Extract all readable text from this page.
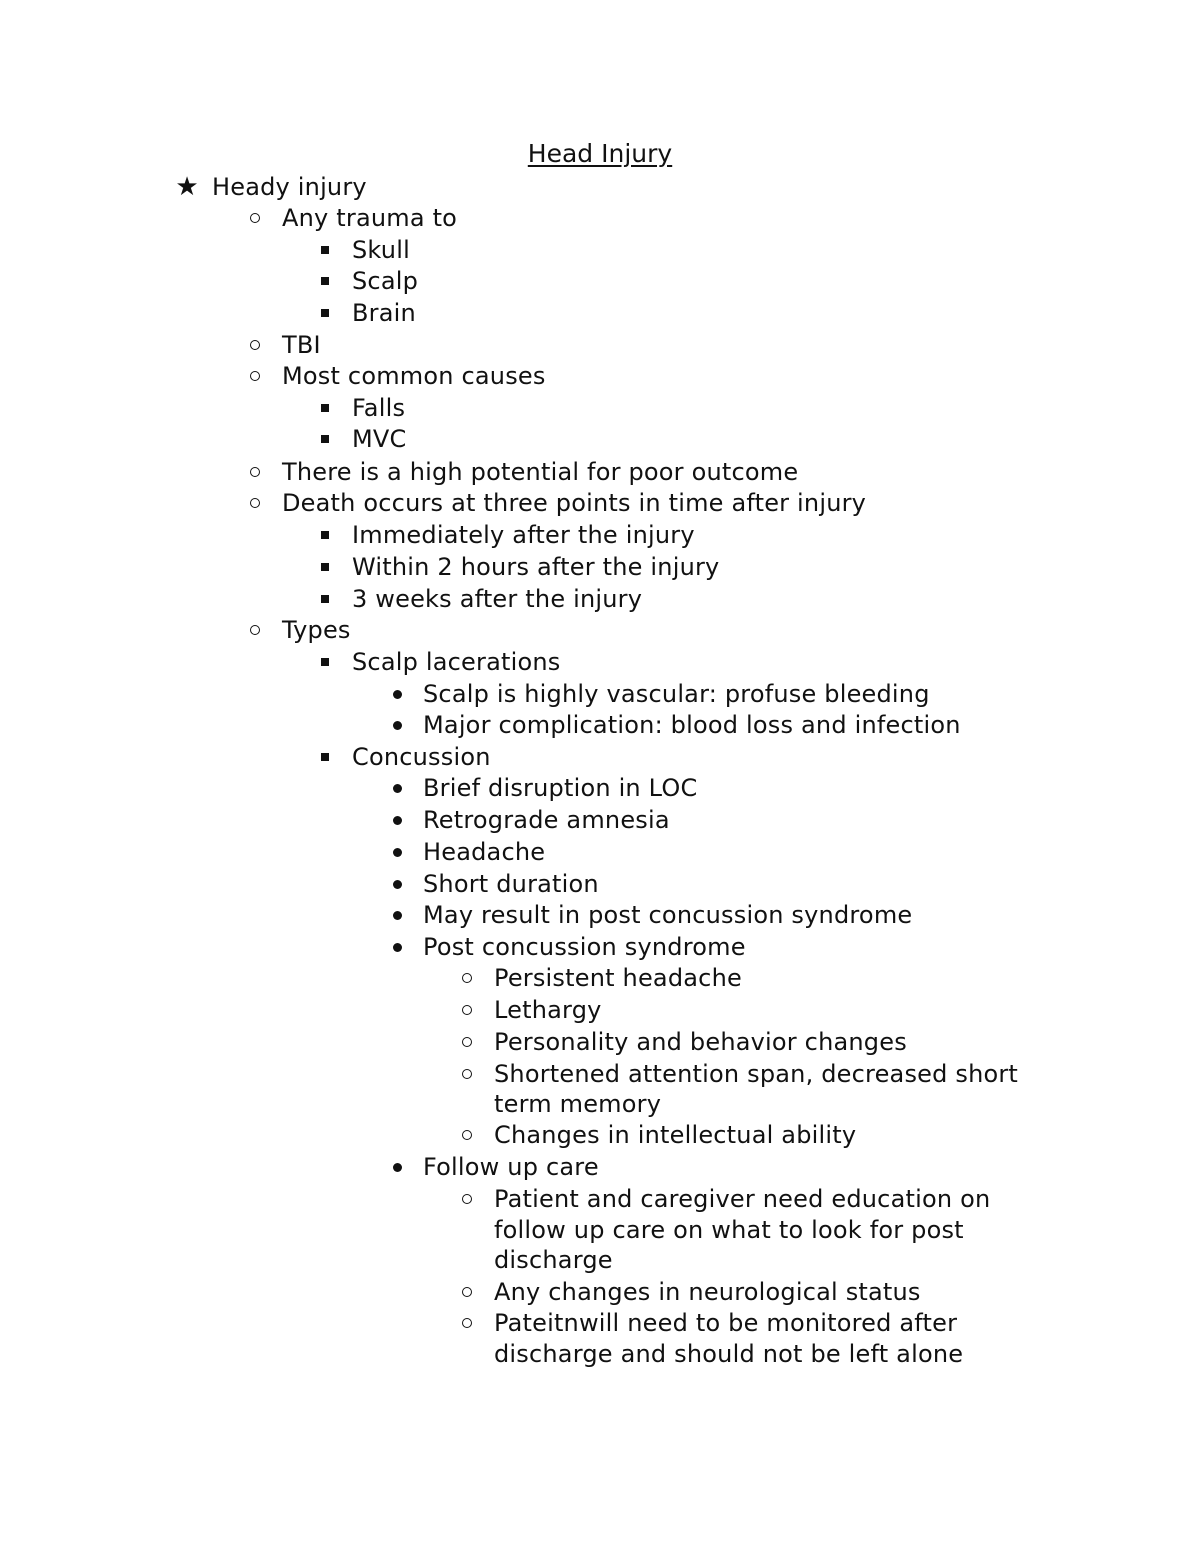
Head Injury
★ Heady injury
Any trauma to
Skull
Scalp
Brain
TBI
Most common causes
Falls
MVC
There is a high potential for poor outcome
Death occurs at three points in time after injury
Immediately after the injury
Within 2 hours after the injury
3 weeks after the injury
Types
Scalp lacerations
Scalp is highly vascular: profuse bleeding
Major complication: blood loss and infection
Concussion
Brief disruption in LOC
Retrograde amnesia
Headache
Short duration
May result in post concussion syndrome
Post concussion syndrome
Persistent headache
Lethargy
Personality and behavior changes
Shortened attention span, decreased short
term memory
Changes in intellectual ability
Follow up care
Patient and caregiver need education on
follow up care on what to look for post
discharge
Any changes in neurological status
Pateitnwill need to be monitored after
discharge and should not be left alone
